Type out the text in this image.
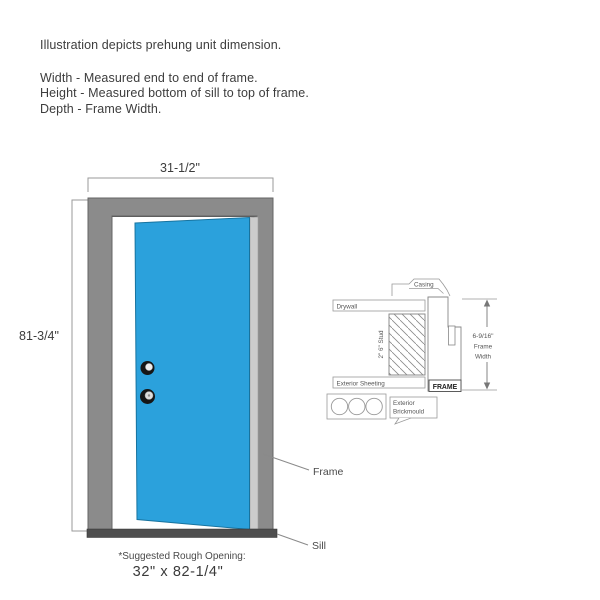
Illustration depicts prehung unit dimension.
Width - Measured end to end of frame.
Height - Measured bottom of sill to top of frame.
Depth - Frame Width.
31-1/2"
81-3/4"
Frame
Sill
*Suggested Rough Opening:
32" x 82-1/4"
Casing
Drywall
2" 6" Stud
FRAME
Exterior Sheeting
Exterior
Brickmould
6-9/16"
Frame
Width
